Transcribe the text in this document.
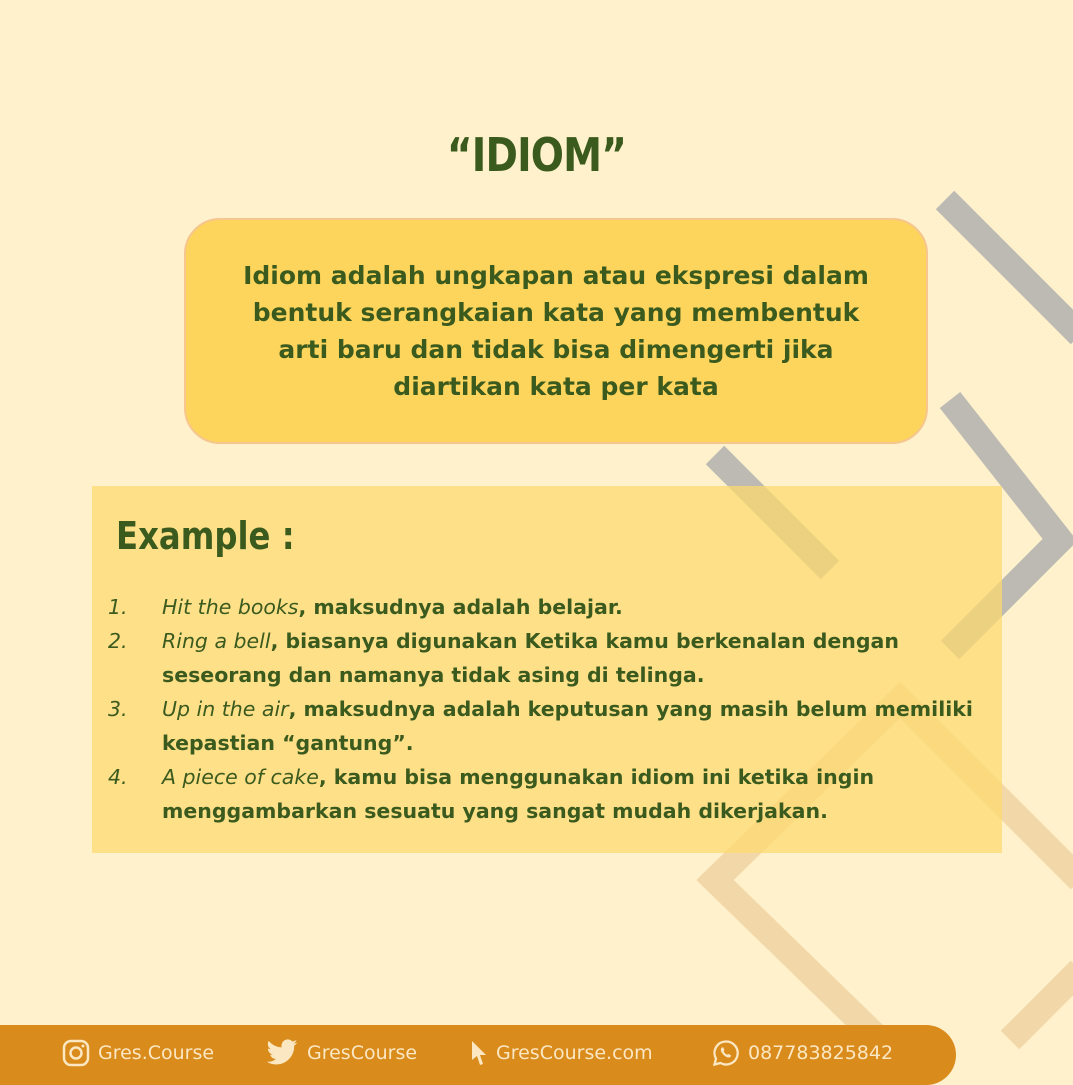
“IDIOM”
Idiom adalah ungkapan atau ekspresi dalam bentuk serangkaian kata yang membentuk arti baru dan tidak bisa dimengerti jika diartikan kata per kata
Example :
1.	Hit the books, maksudnya adalah belajar.
2.	Ring a bell, biasanya digunakan Ketika kamu berkenalan dengan seseorang dan namanya tidak asing di telinga.
3.	Up in the air, maksudnya adalah keputusan yang masih belum memiliki kepastian “gantung”.
4.	A piece of cake, kamu bisa menggunakan idiom ini ketika ingin menggambarkan sesuatu yang sangat mudah dikerjakan.
Gres.Course	GresCourse	GresCourse.com	087783825842
